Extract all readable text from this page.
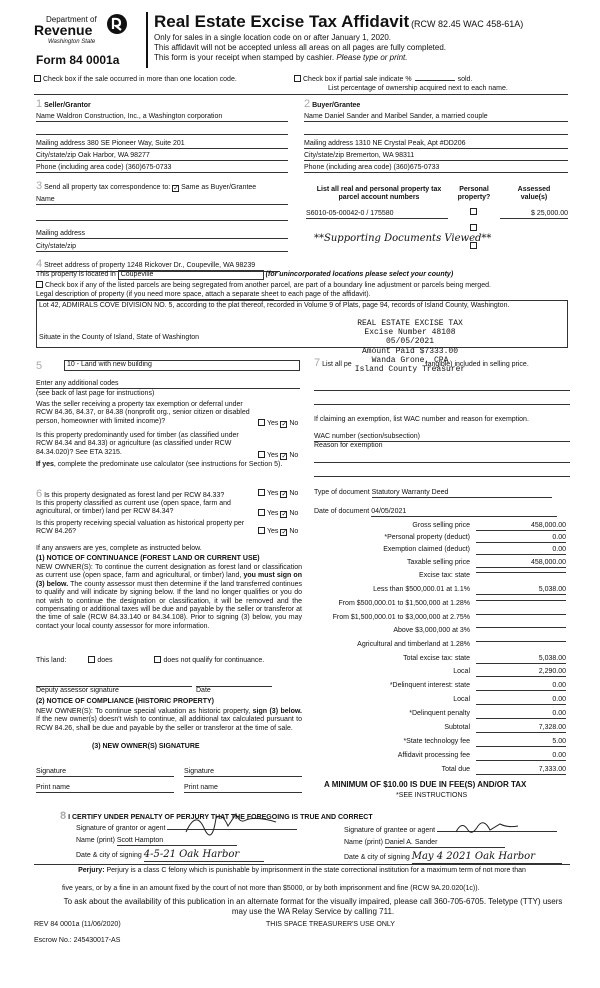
Department of
Revenue
Washington State
Form 84 0001a
Real Estate Excise Tax Affidavit (RCW 82.45 WAC 458-61A)
Only for sales in a single location code on or after January 1, 2020.
This affidavit will not be accepted unless all areas on all pages are fully completed.
This form is your receipt when stamped by cashier. Please type or print.
Check box if the sale occurred in more than one location code.	Check box if partial sale indicate %	sold.
List percentage of ownership acquired next to each name.
1 Seller/Grantor
Name Waldron Construction, Inc., a Washington corporation
Mailing address 380 SE Pioneer Way, Suite 201
City/state/zip Oak Harbor, WA 98277
Phone (including area code) (360)675-0733
2 Buyer/Grantee
Name Daniel Sander and Maribel Sander, a married couple
Mailing address 1310 NE Crystal Peak, Apt #DD206
City/state/zip Bremerton, WA 98311
Phone (including area code) (360)675-0733
3 Send all property tax correspondence to: ✓ Same as Buyer/Grantee
Name
Mailing address
City/state/zip
List all real and personal property tax parcel account numbers
Personal property?
Assessed value(s)
S6010-05-00042-0 / 175580	$ 25,000.00
**Supporting Documents Viewed**
4 Street address of property 1248 Rickover Dr., Coupeville, WA 98239
This property is located in Coupeville	(for unincorporated locations please select your county)
Check box if any of the listed parcels are being segregated from another parcel, are part of a boundary line adjustment or parcels being merged.
Legal description of property (if you need more space, attach a separate sheet to each page of the affidavit).
Lot 42, ADMIRALS COVE DIVISION NO. 5, according to the plat thereof, recorded in Volume 9 of Plats, page 94, records of Island County, Washington.
Situate in the County of Island, State of Washington
REAL ESTATE EXCISE TAX
Excise Number 48108
05/05/2021
Amount Paid $7333.00
Wanda Grone, CPA
Island County Treasurer
5	10 - Land with new building
Enter any additional codes
(see back of last page for instructions)
Was the seller receiving a property tax exemption or deferral under RCW 84.36, 84.37, or 84.38 (nonprofit org., senior citizen or disabled person, homeowner with limited income)?	Yes ✓ No
Is this property predominantly used for timber (as classified under RCW 84.34 and 84.33) or agriculture (as classified under RCW 84.34.020)? See ETA 3215.	Yes ✓ No
If yes, complete the predominate use calculator (see instructions for Section 5).
7 List all pe	tangible) included in selling price.
If claiming an exemption, list WAC number and reason for exemption.
WAC number (section/subsection)
Reason for exemption
6 Is this property designated as forest land per RCW 84.33?	Yes ✓ No
Is this property classified as current use (open space, farm and agricultural, or timber) land per RCW 84.34?	Yes ✓ No
Is this property receiving special valuation as historical property per RCW 84.26?	Yes ✓ No
If any answers are yes, complete as instructed below.
(1) NOTICE OF CONTINUANCE (FOREST LAND OR CURRENT USE)
NEW OWNER(S): To continue the current designation as forest land or classification as current use (open space, farm and agricultural, or timber) land, you must sign on (3) below. The county assessor must then determine if the land transferred continues to qualify and will indicate by signing below. If the land no longer qualifies or you do not wish to continue the designation or classification, it will be removed and the compensating or additional taxes will be due and payable by the seller or transferor at the time of sale (RCW 84.33.140 or 84.34.108). Prior to signing (3) below, you may contact your local county assessor for more information.
This land:	does	does not qualify for continuance.
Deputy assessor signature	Date
(2) NOTICE OF COMPLIANCE (HISTORIC PROPERTY)
NEW OWNER(S): To continue special valuation as historic property, sign (3) below. If the new owner(s) doesn't wish to continue, all additional tax calculated pursuant to RCW 84.26, shall be due and payable by the seller or transferor at the time of sale.
(3) NEW OWNER(S) SIGNATURE
Signature	Signature
Print name	Print name
Type of document Statutory Warranty Deed
Date of document 04/05/2021
Gross selling price	458,000.00
*Personal property (deduct)	0.00
Exemption claimed (deduct)	0.00
Taxable selling price	458,000.00
Excise tax: state
Less than $500,000.01 at 1.1%	5,038.00
From $500,000.01 to $1,500,000 at 1.28%
From $1,500,000.01 to $3,000,000 at 2.75%
Above $3,000,000 at 3%
Agricultural and timberland at 1.28%
Total excise tax: state	5,038.00
Local	2,290.00
*Delinquent interest: state	0.00
Local	0.00
*Delinquent penalty	0.00
Subtotal	7,328.00
*State technology fee	5.00
Affidavit processing fee	0.00
Total due	7,333.00
A MINIMUM OF $10.00 IS DUE IN FEE(S) AND/OR TAX
*SEE INSTRUCTIONS
8 I CERTIFY UNDER PENALTY OF PERJURY THAT THE FOREGOING IS TRUE AND CORRECT
Signature of grantor or agent
Name (print) Scott Hampton
Date & city of signing 4-5-21 Oak Harbor
Signature of grantee or agent
Name (print) Daniel A. Sander
Date & city of signing May 4 2021 Oak Harbor
Perjury: Perjury is a class C felony which is punishable by imprisonment in the state correctional institution for a maximum term of not more than
five years, or by a fine in an amount fixed by the court of not more than $5000, or by both imprisonment and fine (RCW 9A.20.020(1c)).
To ask about the availability of this publication in an alternate format for the visually impaired, please call 360-705-6705. Teletype (TTY) users may use the WA Relay Service by calling 711.
REV 84 0001a (11/06/2020)	THIS SPACE TREASURER'S USE ONLY
Escrow No.: 245430017-AS
